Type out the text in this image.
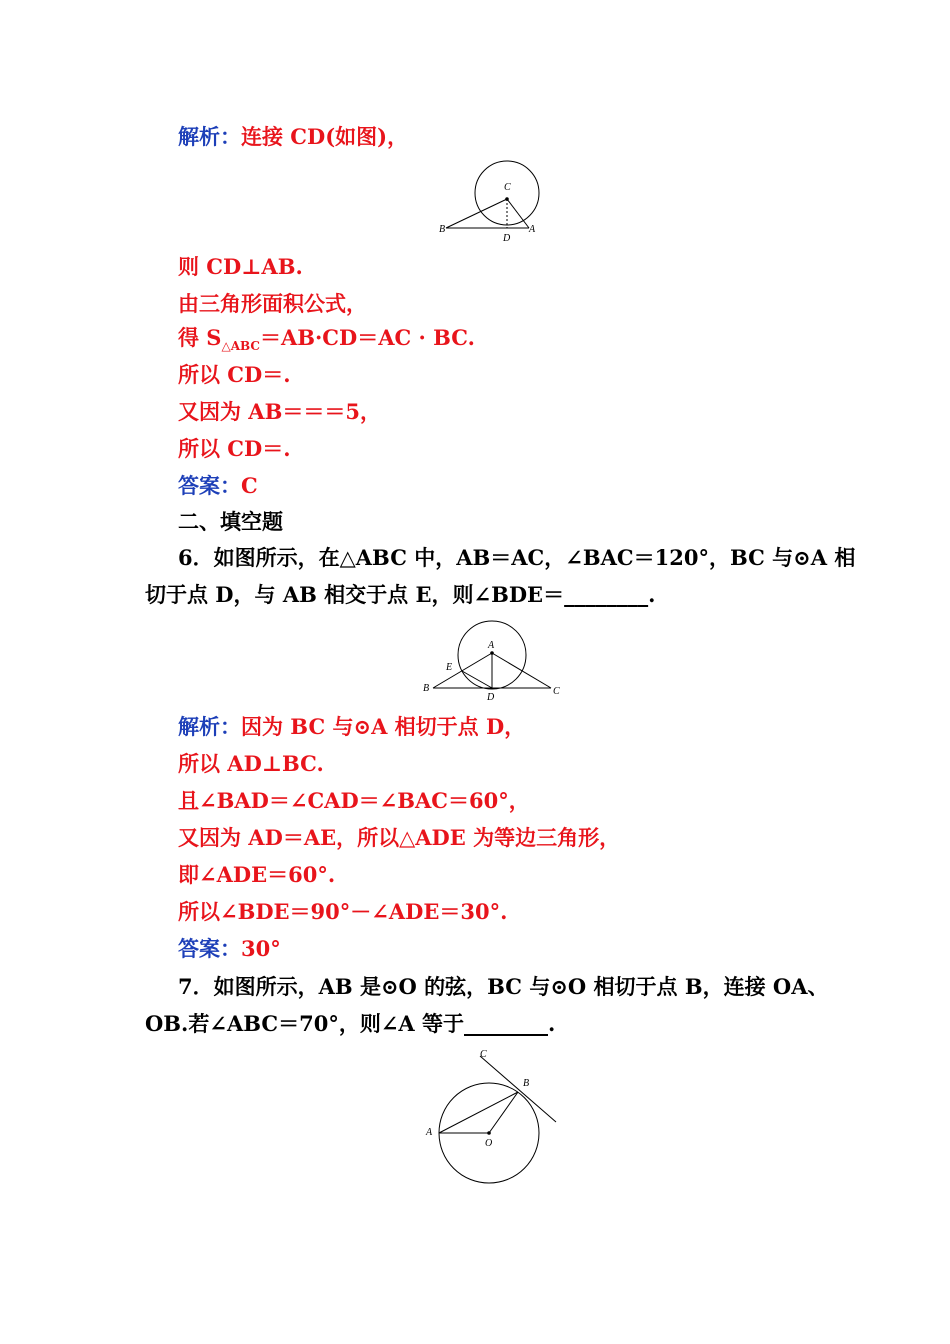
解析：连接 CD(如图)，
C
B
D
A
则 CD⊥AB.
由三角形面积公式，
得 $S_{\triangle ABC}=AB\cdot CD=AC$ · BC.
所以 CD＝.
又因为 AB＝＝＝5，
所以 CD＝.
答案：C
二、填空题
6．如图所示，在△ABC 中，AB＝AC，∠BAC＝120°，BC 与⊙A 相
切于点 D，与 AB 相交于点 E，则∠BDE＝________.
A
E
B
D
C
解析：因为 BC 与⊙A 相切于点 D，
所以 AD⊥BC.
且∠BAD＝∠CAD＝∠BAC＝60°，
又因为 AD＝AE，所以△ADE 为等边三角形，
即∠ADE＝60°.
所以∠BDE＝90°－∠ADE＝30°.
答案：30°
7．如图所示，AB 是⊙O 的弦，BC 与⊙O 相切于点 B，连接 OA、
OB.若∠ABC＝70°，则∠A 等于________.
C
B
A
O
